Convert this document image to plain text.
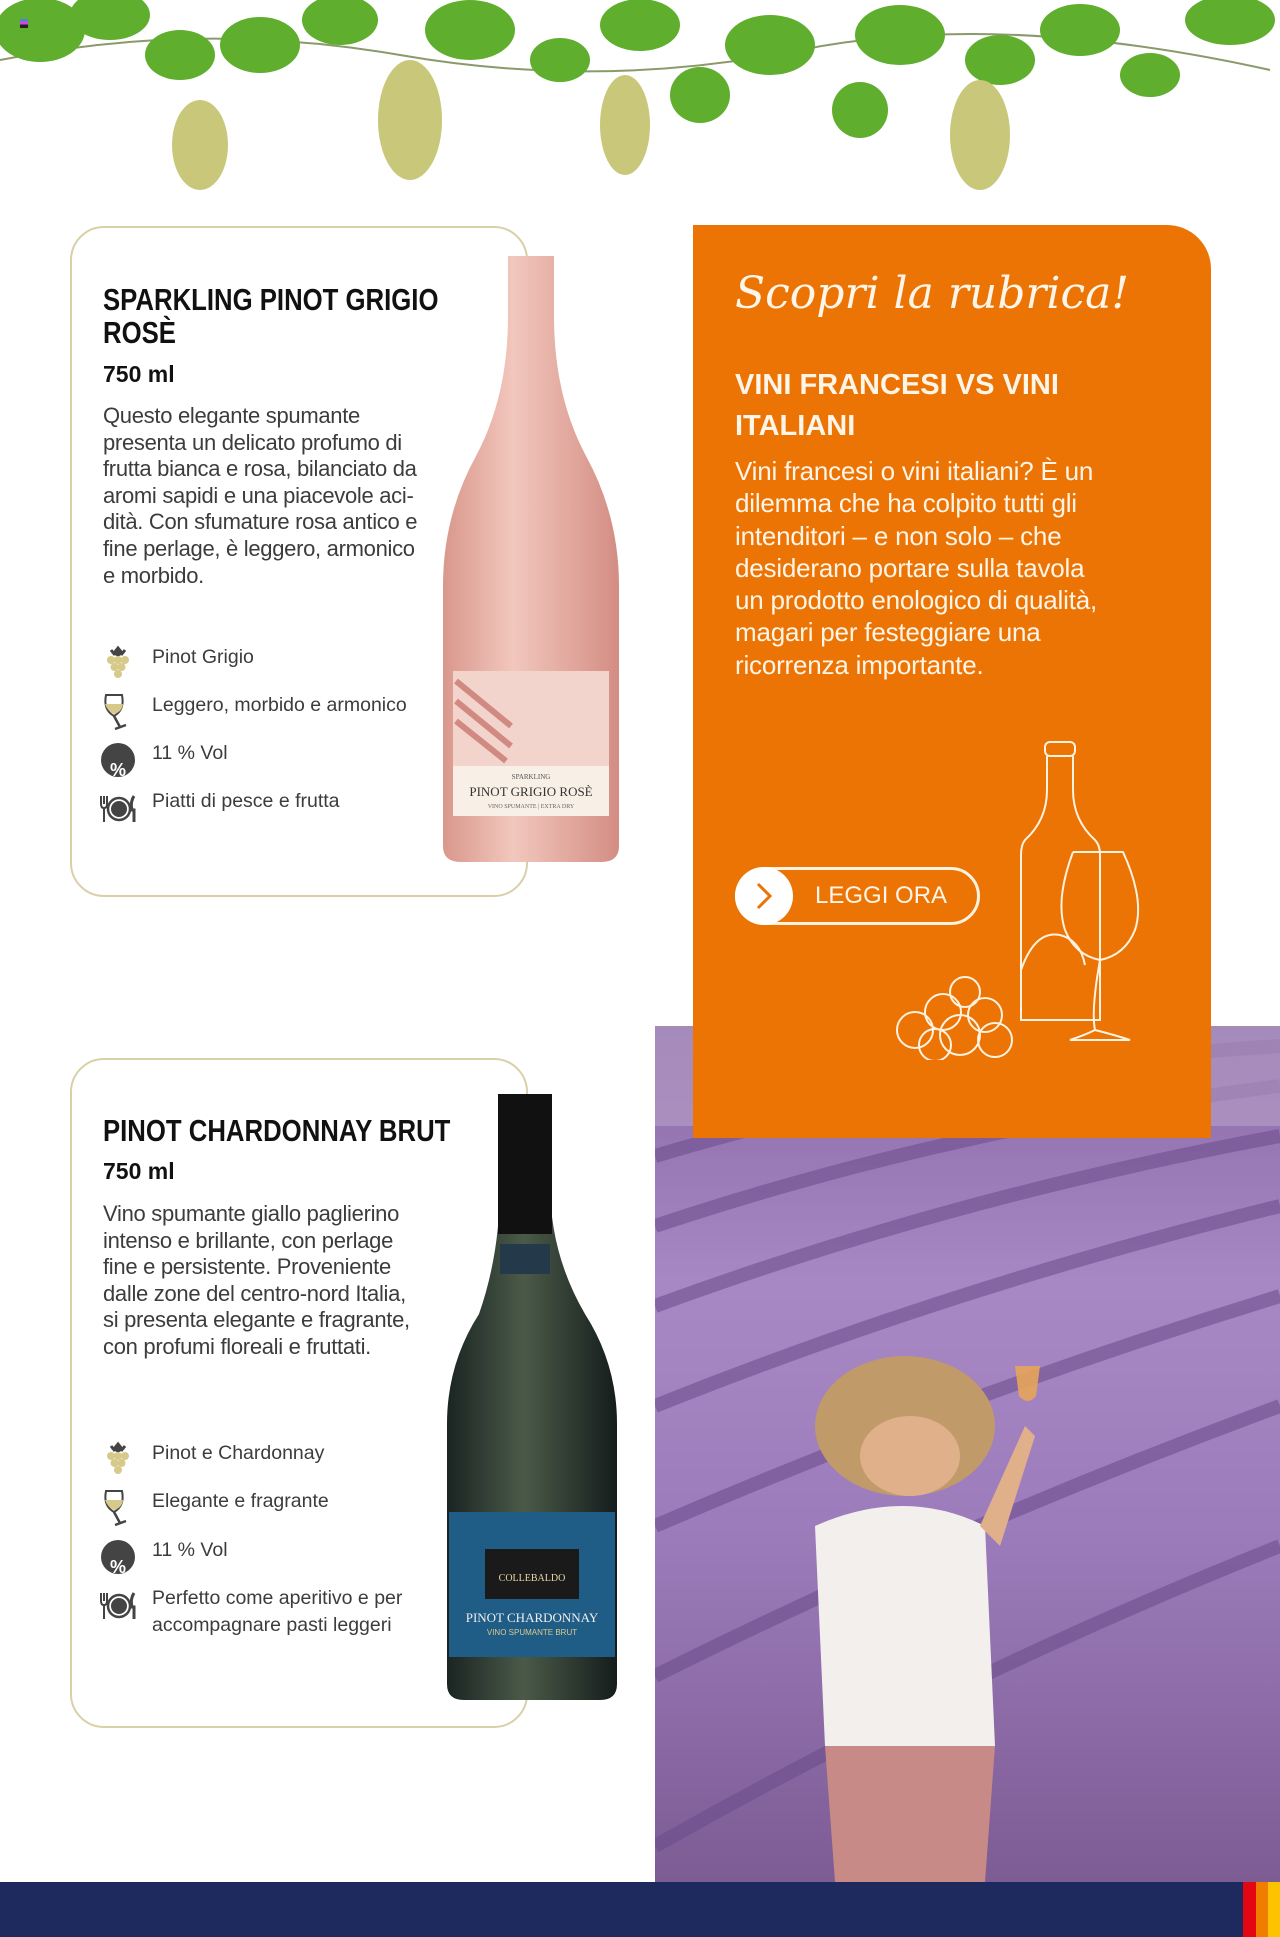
SPARKLING PINOT GRIGIO
ROSÈ
750 ml
Questo elegante spumante
presenta un delicato profumo di
frutta bianca e rosa, bilanciato da
aromi sapidi e una piacevole aci-
dità. Con sfumature rosa antico e
fine perlage, è leggero, armonico
e morbido.
Pinot Grigio
Leggero, morbido e armonico
%
11 % Vol
Piatti di pesce e frutta
SPARKLING
PINOT GRIGIO ROSÈ
VINO SPUMANTE | EXTRA DRY
PINOT CHARDONNAY BRUT
750 ml
Vino spumante giallo paglierino
intenso e brillante, con perlage
fine e persistente. Proveniente
dalle zone del centro-nord Italia,
si presenta elegante e fragrante,
con profumi floreali e fruttati.
Pinot e Chardonnay
Elegante e fragrante
%
11 % Vol
Perfetto come aperitivo e per
accompagnare pasti leggeri
COLLEBALDO
PINOT CHARDONNAY
VINO SPUMANTE BRUT
Scopri la rubrica!
VINI FRANCESI VS VINI
ITALIANI
Vini francesi o vini italiani? È un
dilemma che ha colpito tutti gli
intenditori – e non solo – che
desiderano portare sulla tavola
un prodotto enologico di qualità,
magari per festeggiare una
ricorrenza importante.
LEGGI ORA
